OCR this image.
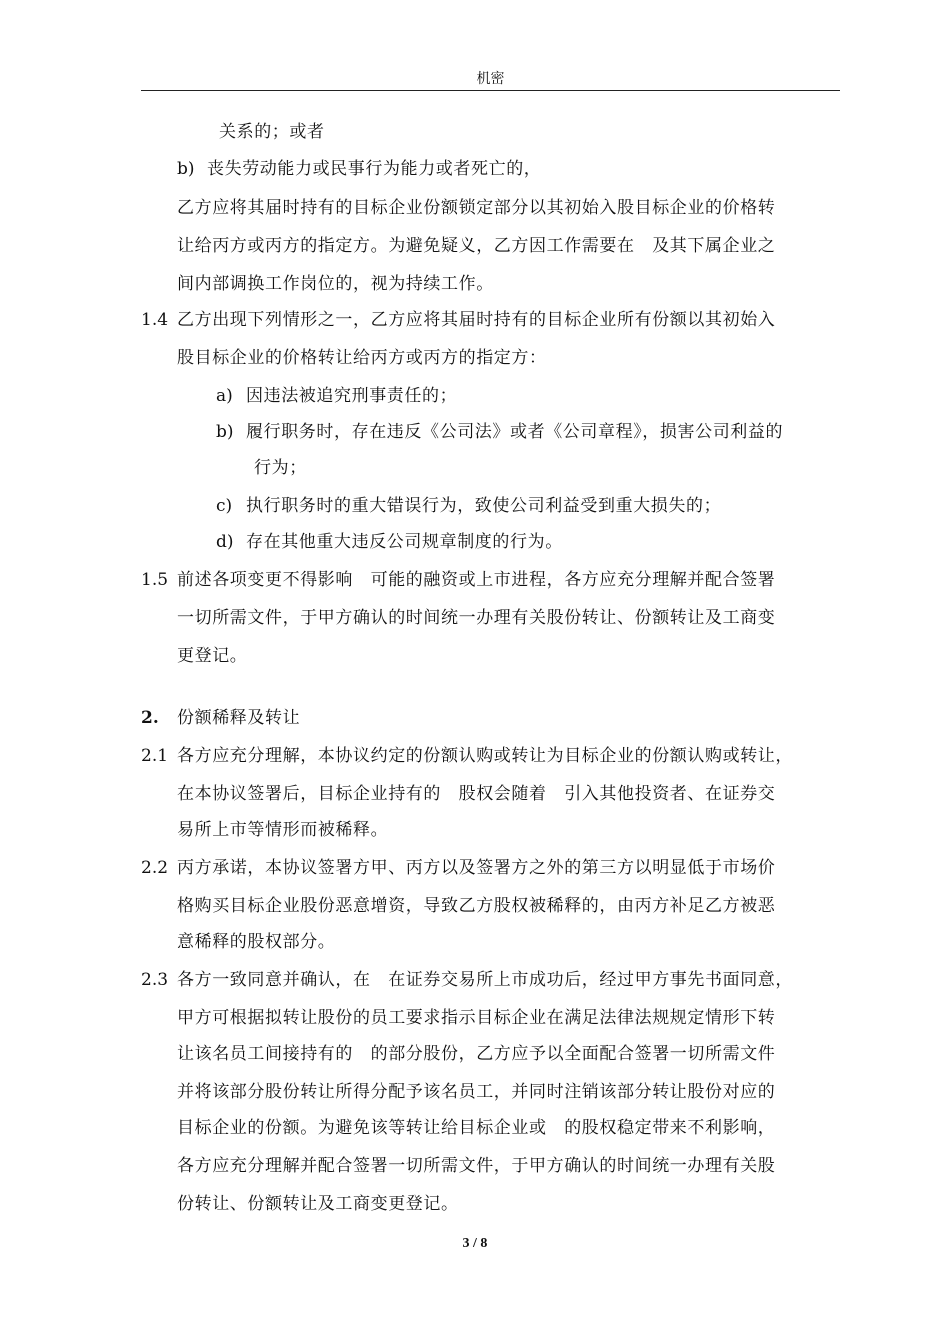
机密
关系的；或者
b) 丧失劳动能力或民事行为能力或者死亡的，
乙方应将其届时持有的目标企业份额锁定部分以其初始入股目标企业的价格转
让给丙方或丙方的指定方。为避免疑义，乙方因工作需要在　及其下属企业之
间内部调换工作岗位的，视为持续工作。
1.4 乙方出现下列情形之一，乙方应将其届时持有的目标企业所有份额以其初始入
股目标企业的价格转让给丙方或丙方的指定方：
a) 因违法被追究刑事责任的；
b) 履行职务时，存在违反《公司法》或者《公司章程》，损害公司利益的
行为；
c) 执行职务时的重大错误行为，致使公司利益受到重大损失的；
d) 存在其他重大违反公司规章制度的行为。
1.5 前述各项变更不得影响　可能的融资或上市进程，各方应充分理解并配合签署
一切所需文件，于甲方确认的时间统一办理有关股份转让、份额转让及工商变
更登记。
2. 份额稀释及转让
2.1 各方应充分理解，本协议约定的份额认购或转让为目标企业的份额认购或转让，
在本协议签署后，目标企业持有的　股权会随着　引入其他投资者、在证券交
易所上市等情形而被稀释。
2.2 丙方承诺，本协议签署方甲、丙方以及签署方之外的第三方以明显低于市场价
格购买目标企业股份恶意增资，导致乙方股权被稀释的，由丙方补足乙方被恶
意稀释的股权部分。
2.3 各方一致同意并确认，在　在证券交易所上市成功后，经过甲方事先书面同意，
甲方可根据拟转让股份的员工要求指示目标企业在满足法律法规规定情形下转
让该名员工间接持有的　的部分股份，乙方应予以全面配合签署一切所需文件
并将该部分股份转让所得分配予该名员工，并同时注销该部分转让股份对应的
目标企业的份额。为避免该等转让给目标企业或　的股权稳定带来不利影响，
各方应充分理解并配合签署一切所需文件，于甲方确认的时间统一办理有关股
份转让、份额转让及工商变更登记。
3 / 8
